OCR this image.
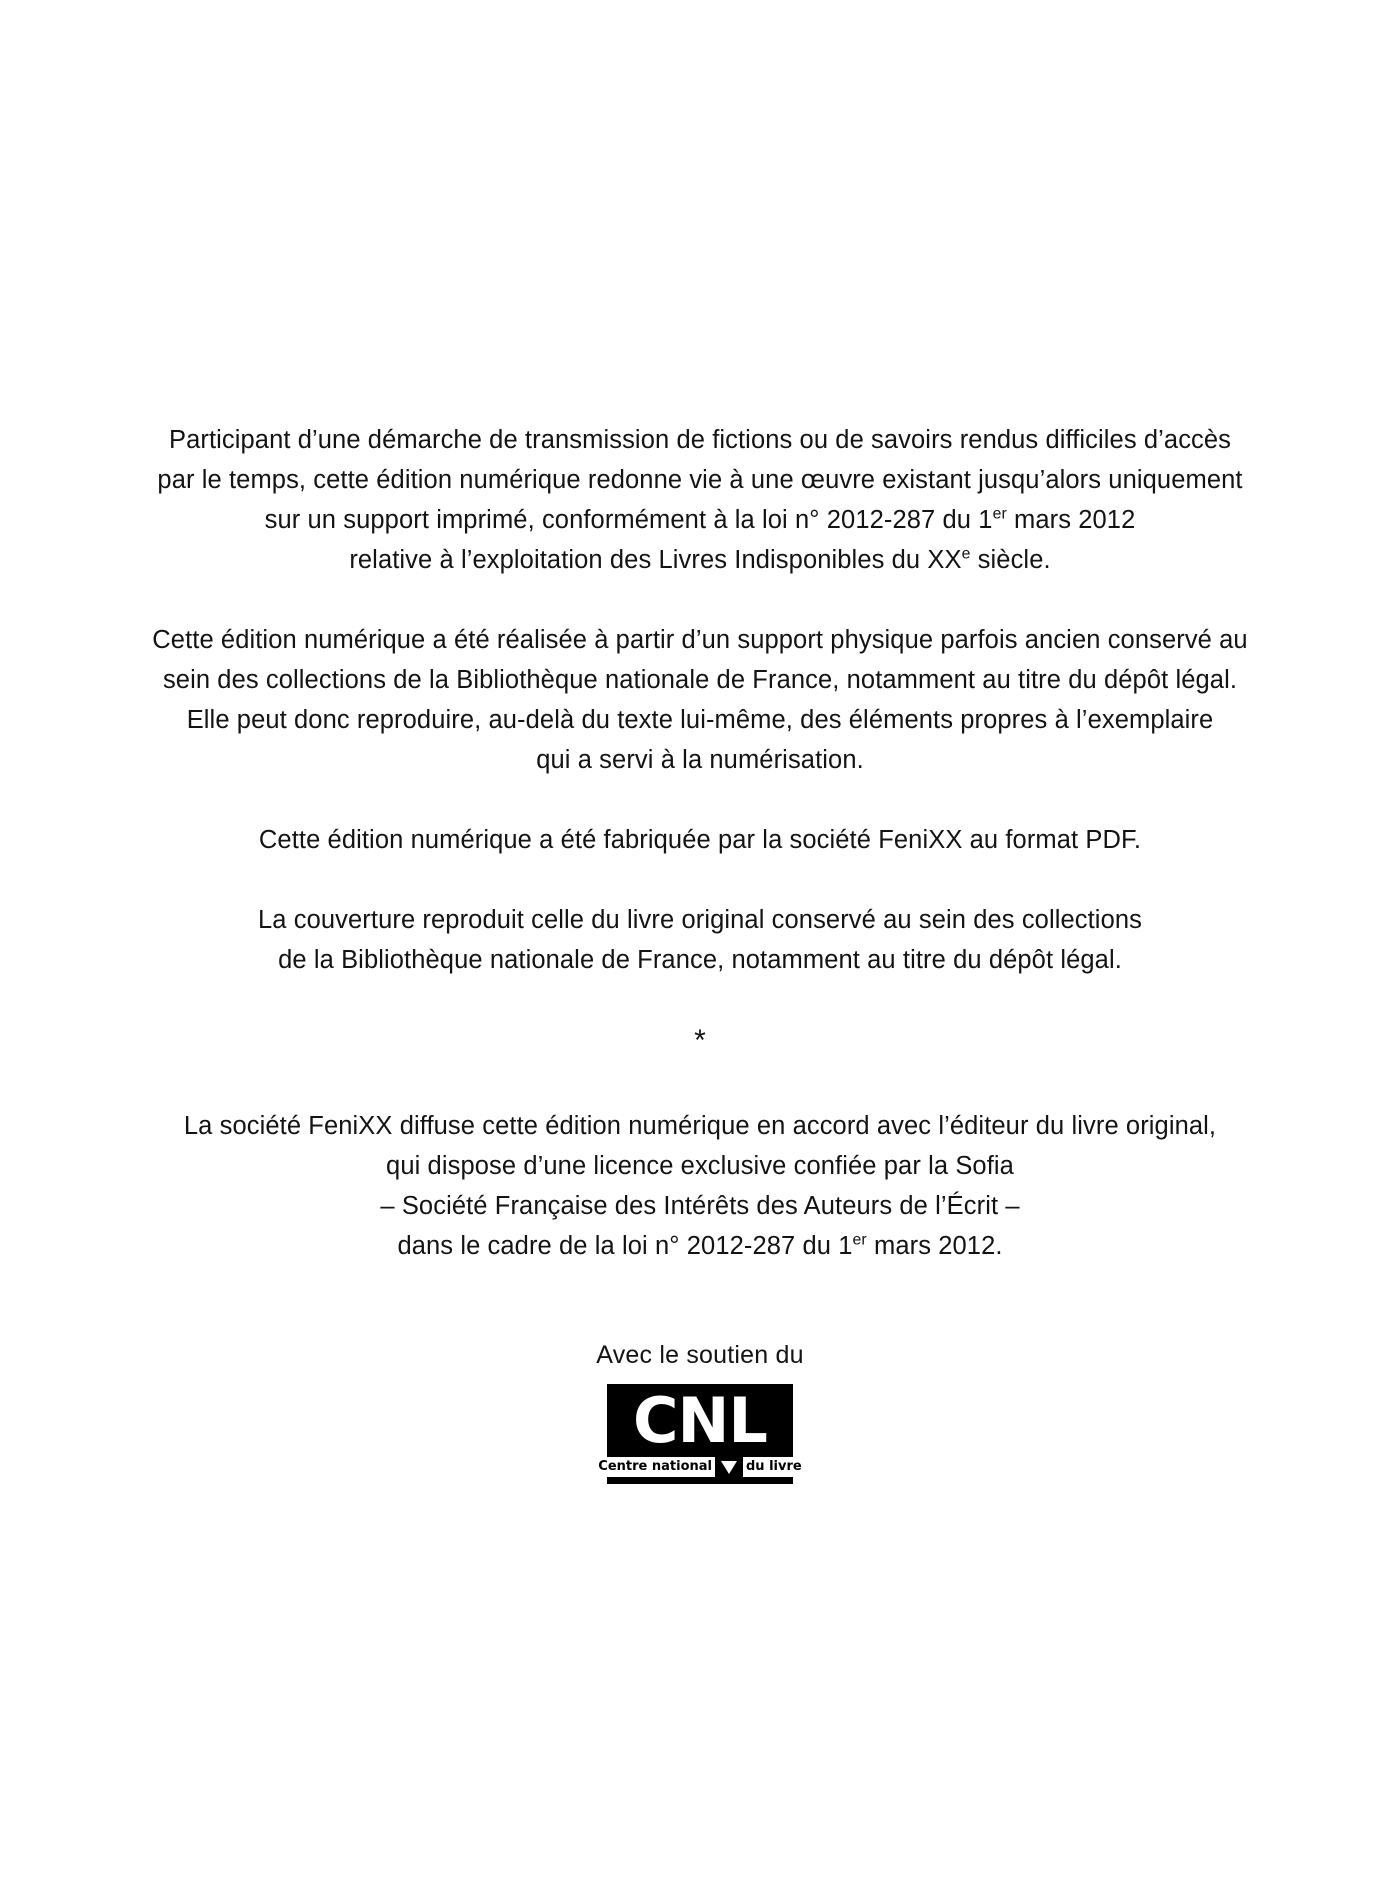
Participant d’une démarche de transmission de fictions ou de savoirs rendus difficiles d’accès
par le temps, cette édition numérique redonne vie à une œuvre existant jusqu’alors uniquement
sur un support imprimé, conformément à la loi n° 2012-287 du 1er mars 2012
relative à l’exploitation des Livres Indisponibles du XXe siècle.
Cette édition numérique a été réalisée à partir d’un support physique parfois ancien conservé au
sein des collections de la Bibliothèque nationale de France, notamment au titre du dépôt légal.
Elle peut donc reproduire, au-delà du texte lui-même, des éléments propres à l’exemplaire
qui a servi à la numérisation.
Cette édition numérique a été fabriquée par la société FeniXX au format PDF.
La couverture reproduit celle du livre original conservé au sein des collections
de la Bibliothèque nationale de France, notamment au titre du dépôt légal.
*
La société FeniXX diffuse cette édition numérique en accord avec l’éditeur du livre original,
qui dispose d’une licence exclusive confiée par la Sofia
– Société Française des Intérêts des Auteurs de l’Écrit –
dans le cadre de la loi n° 2012-287 du 1er mars 2012.
Avec le soutien du
CNL
Centre national	du livre
